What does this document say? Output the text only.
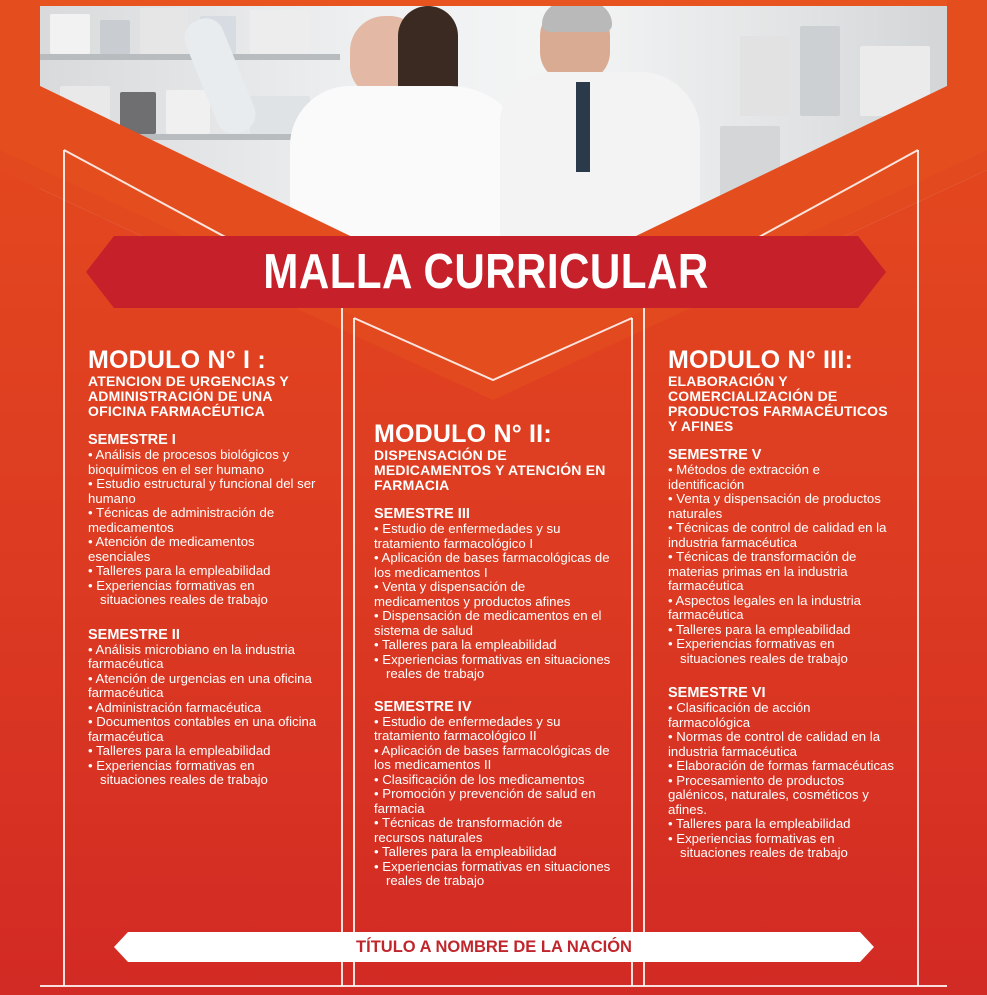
MALLA CURRICULAR
MODULO N° I :
ATENCION DE URGENCIAS Y ADMINISTRACIÓN DE UNA OFICINA FARMACÉUTICA
SEMESTRE I
• Análisis de procesos biológicos y bioquímicos en el ser humano
• Estudio estructural y funcional del ser humano
• Técnicas de administración de medicamentos
• Atención de medicamentos esenciales
• Talleres para la empleabilidad
• Experiencias formativas en situaciones reales de trabajo
SEMESTRE II
• Análisis microbiano en la industria farmacéutica
• Atención de urgencias en una oficina farmacéutica
• Administración farmacéutica
• Documentos contables en una oficina farmacéutica
• Talleres para la empleabilidad
• Experiencias formativas en situaciones reales de trabajo
MODULO N° II:
DISPENSACIÓN DE MEDICAMENTOS Y ATENCIÓN EN FARMACIA
SEMESTRE III
• Estudio de enfermedades y su tratamiento farmacológico I
• Aplicación de bases farmacológicas de los medicamentos I
• Venta y dispensación de medicamentos y productos afines
• Dispensación de medicamentos en el sistema de salud
• Talleres para la empleabilidad
• Experiencias formativas en situaciones reales de trabajo
SEMESTRE IV
• Estudio de enfermedades y su tratamiento farmacológico II
• Aplicación de bases farmacológicas de los medicamentos II
• Clasificación de los medicamentos
• Promoción y prevención de salud en farmacia
• Técnicas de transformación de recursos naturales
• Talleres para la empleabilidad
• Experiencias formativas en situaciones reales de trabajo
MODULO N° III:
ELABORACIÓN Y COMERCIALIZACIÓN DE PRODUCTOS FARMACÉUTICOS Y AFINES
SEMESTRE V
• Métodos de extracción e identificación
• Venta y dispensación de productos naturales
• Técnicas de control de calidad en la industria farmacéutica
• Técnicas de transformación de materias primas en la industria farmacéutica
• Aspectos legales en la industria farmacéutica
• Talleres para la empleabilidad
• Experiencias formativas en situaciones reales de trabajo
SEMESTRE VI
• Clasificación de acción farmacológica
• Normas de control de calidad en la industria farmacéutica
• Elaboración de formas farmacéuticas
• Procesamiento de productos galénicos, naturales, cosméticos y afines.
• Talleres para la empleabilidad
• Experiencias formativas en situaciones reales de trabajo
TÍTULO A NOMBRE DE LA NACIÓN
